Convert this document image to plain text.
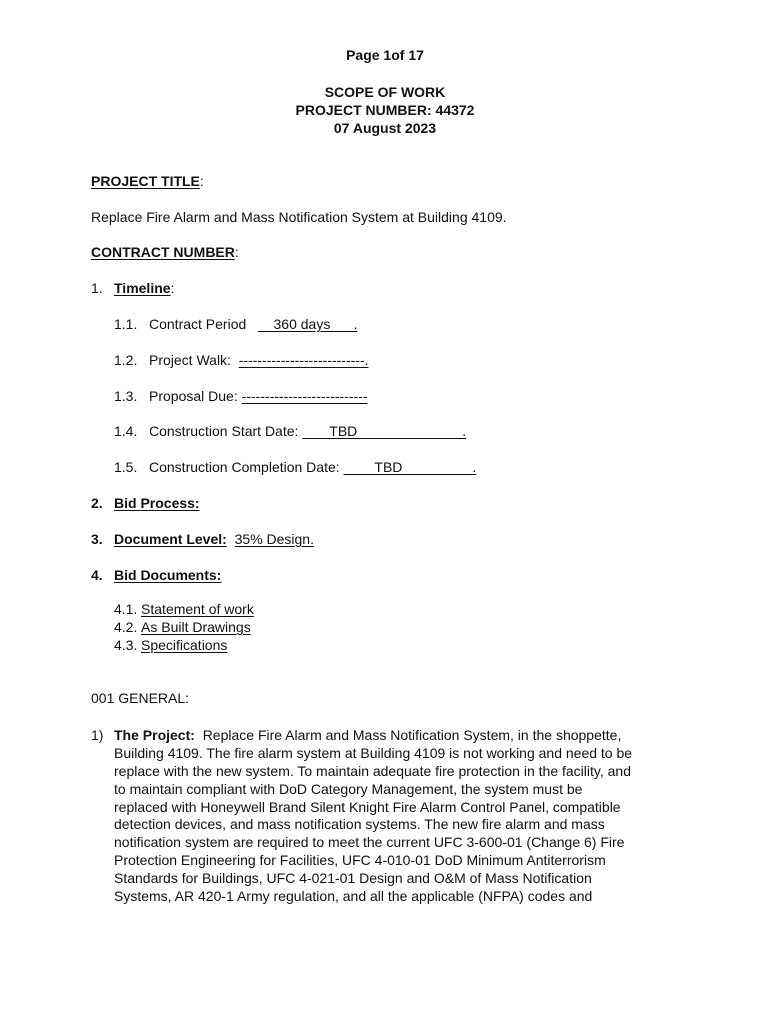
Page 1of 17
SCOPE OF WORK
PROJECT NUMBER: 44372
07 August 2023
PROJECT TITLE:
Replace Fire Alarm and Mass Notification System at Building 4109.
CONTRACT NUMBER:
1. Timeline:
1.1. Contract Period       360 days      .
1.2. Project Walk: ---------------------------.
1.3. Proposal Due: ---------------------------
1.4. Construction Start Date:        TBD                           .
1.5. Construction Completion Date:         TBD                  .
2. Bid Process:
3. Document Level: 35% Design.
4. Bid Documents:
4.1. Statement of work
4.2. As Built Drawings
4.3. Specifications
001 GENERAL:
1) The Project: Replace Fire Alarm and Mass Notification System, in the shoppette,
Building 4109. The fire alarm system at Building 4109 is not working and need to be
replace with the new system. To maintain adequate fire protection in the facility, and
to maintain compliant with DoD Category Management, the system must be
replaced with Honeywell Brand Silent Knight Fire Alarm Control Panel, compatible
detection devices, and mass notification systems. The new fire alarm and mass
notification system are required to meet the current UFC 3-600-01 (Change 6) Fire
Protection Engineering for Facilities, UFC 4-010-01 DoD Minimum Antiterrorism
Standards for Buildings, UFC 4-021-01 Design and O&M of Mass Notification
Systems, AR 420-1 Army regulation, and all the applicable (NFPA) codes and
